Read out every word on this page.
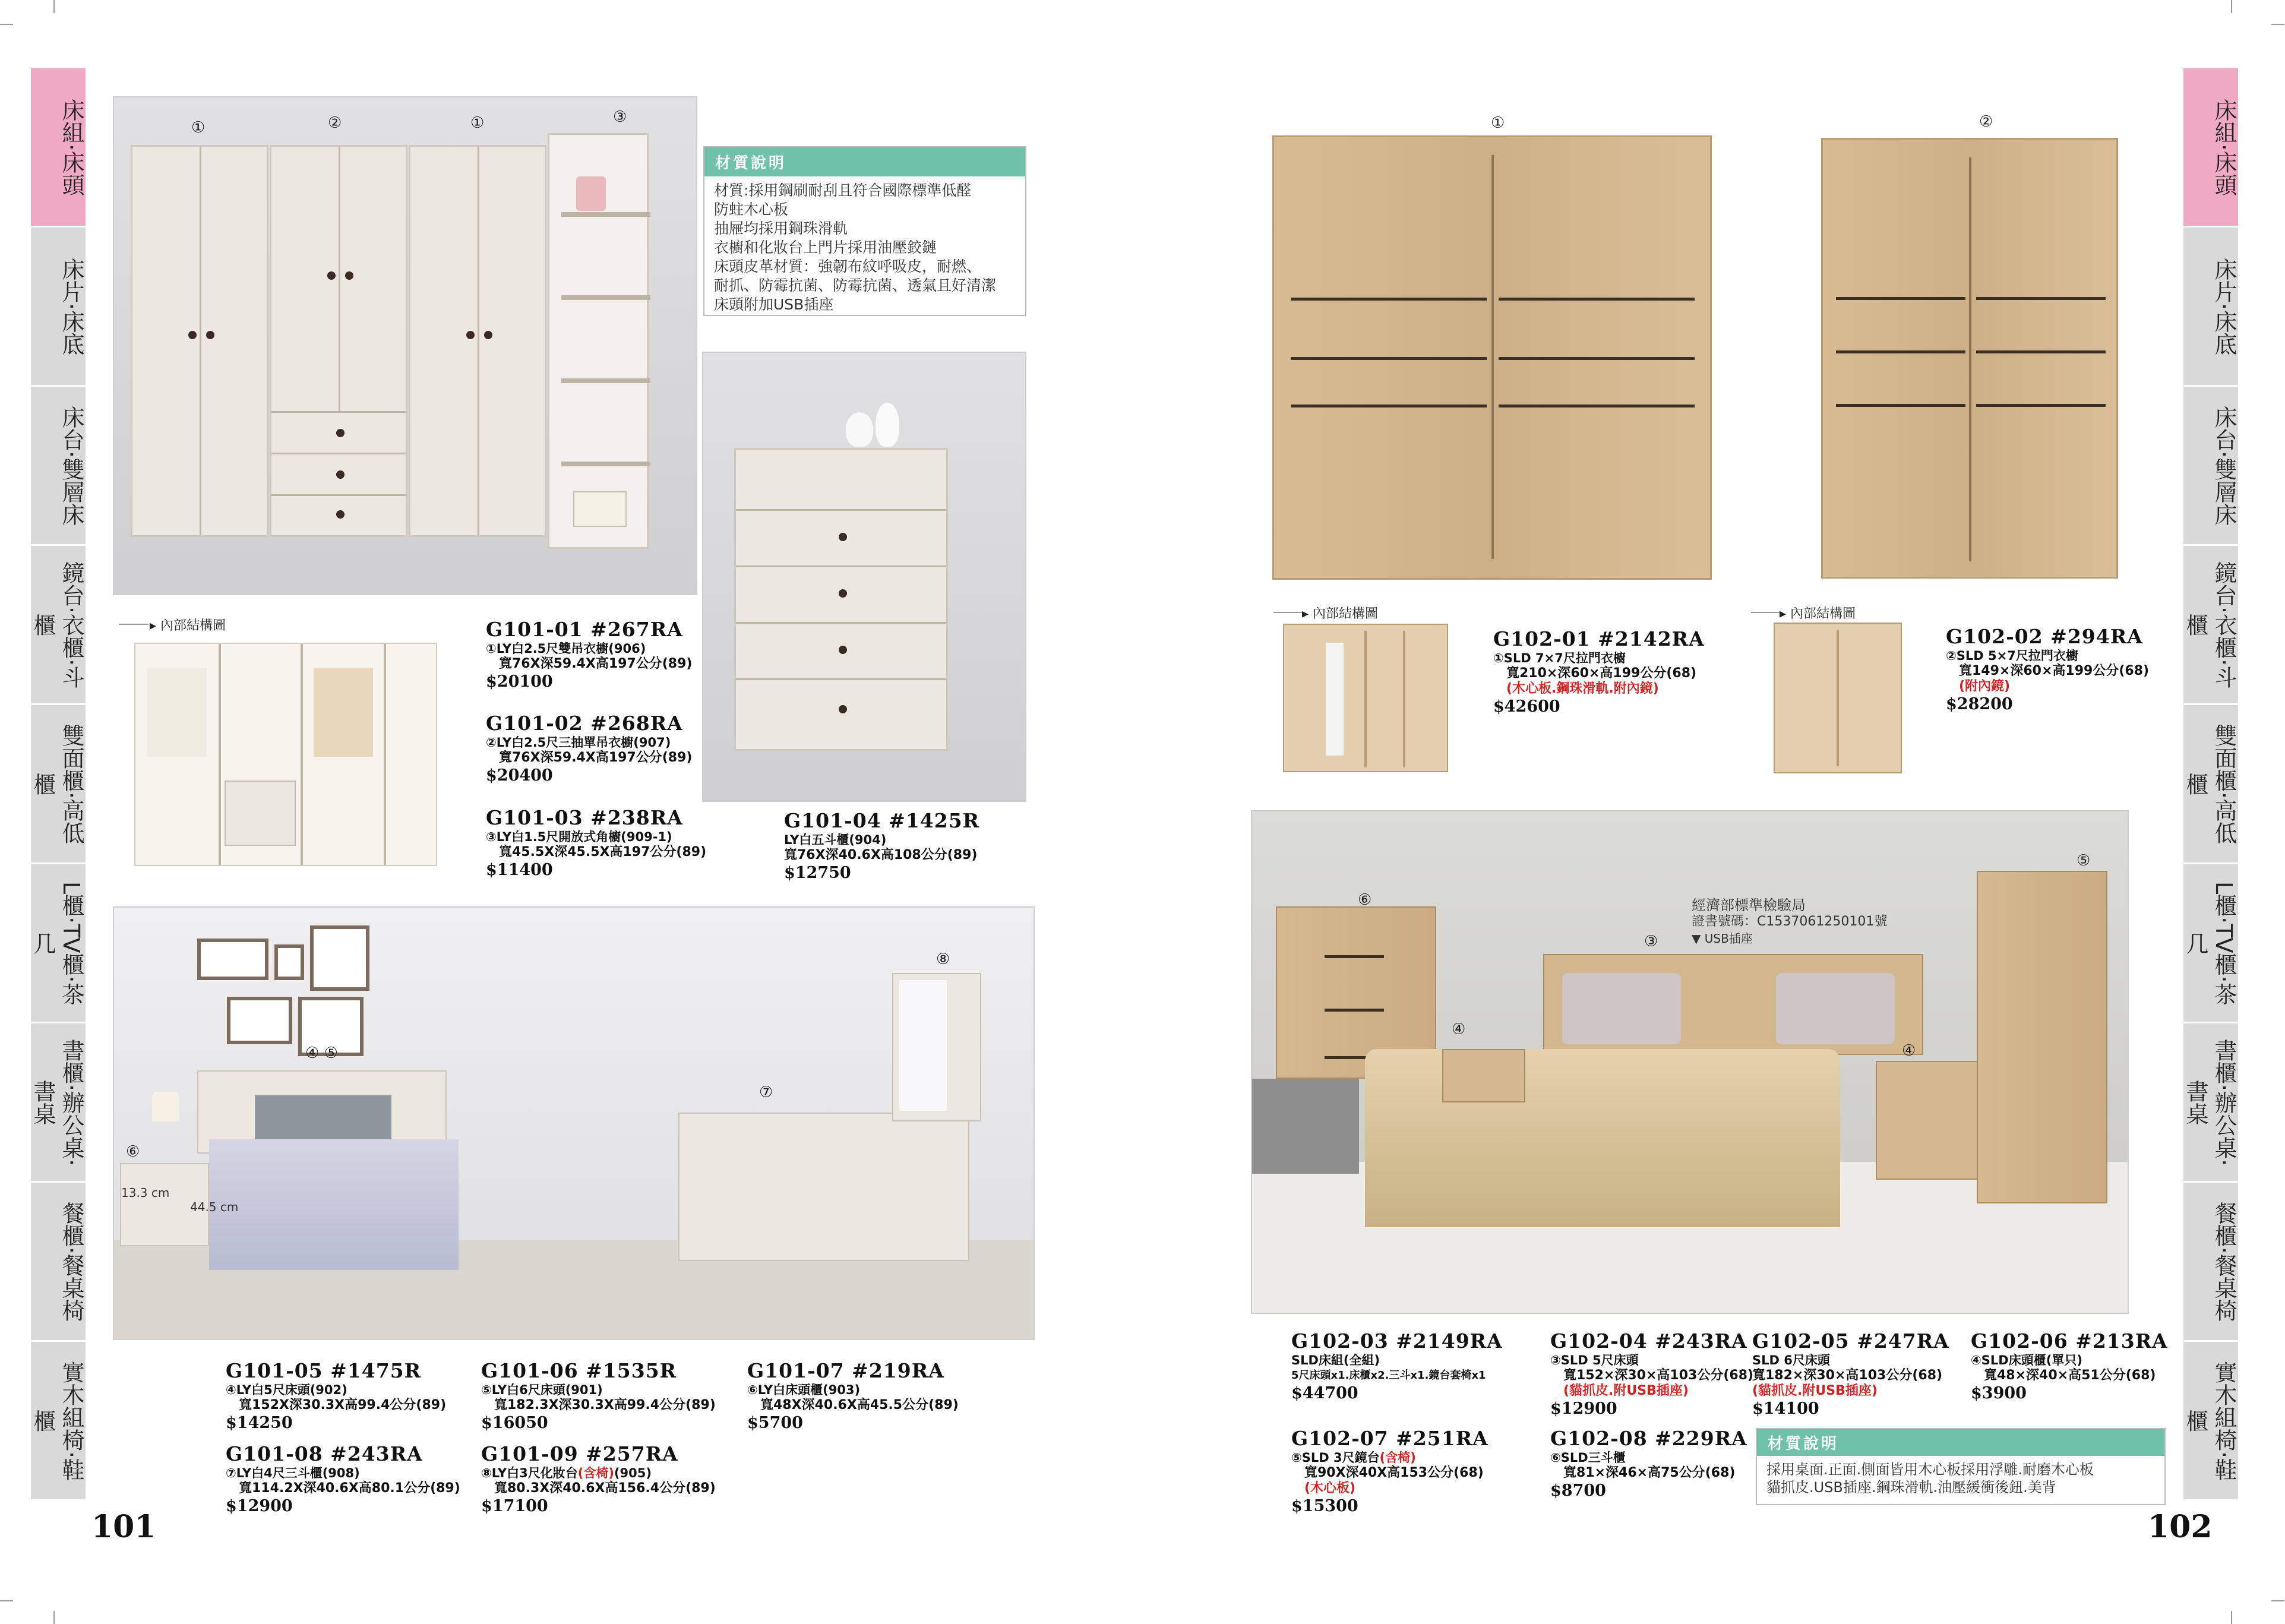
床組‧床頭
床片‧床底
床台‧雙層床
鏡台‧衣櫃‧斗櫃
雙面櫃‧高低櫃
L櫃‧TV櫃‧茶几
書櫃‧辦公桌‧書桌
餐櫃‧餐桌椅
實木組椅‧鞋櫃
①	②	①	③
材質說明
材質:採用鋼刷耐刮且符合國際標準低醛
防蛀木心板
抽屜均採用鋼珠滑軌
衣櫥和化妝台上門片採用油壓鉸鏈
床頭皮革材質：強韌布紋呼吸皮，耐燃、
耐抓、防霉抗菌、防霉抗菌、透氣且好清潔
床頭附加USB插座
▸ 內部結構圖	G101-01 #267RA
①LY白2.5尺雙吊衣櫥(906)
寬76X深59.4X高197公分(89)
$20100
G101-02 #268RA
②LY白2.5尺三抽單吊衣櫥(907)
寬76X深59.4X高197公分(89)
$20400
G101-03 #238RA
③LY白1.5尺開放式角櫥(909-1)
寬45.5X深45.5X高197公分(89)
$11400
G101-04 #1425R
LY白五斗櫃(904)
寬76X深40.6X高108公分(89)
$12750
④ ⑤
⑥
⑦
⑧
13.3 cm
44.5 cm
G101-05 #1475R
④LY白5尺床頭(902)
寬152X深30.3X高99.4公分(89)
$14250
G101-06 #1535R
⑤LY白6尺床頭(901)
寬182.3X深30.3X高99.4公分(89)
$16050
G101-07 #219RA
⑥LY白床頭櫃(903)
寬48X深40.6X高45.5公分(89)
$5700
G101-08 #243RA
⑦LY白4尺三斗櫃(908)
寬114.2X深40.6X高80.1公分(89)
$12900
G101-09 #257RA
⑧LY白3尺化妝台(含椅)(905)
寬80.3X深40.6X高156.4公分(89)
$17100
101
床組‧床頭
床片‧床底
床台‧雙層床
鏡台‧衣櫃‧斗櫃
雙面櫃‧高低櫃
L櫃‧TV櫃‧茶几
書櫃‧辦公桌‧書桌
餐櫃‧餐桌椅
實木組椅‧鞋櫃
①	②
▸ 內部結構圖	▸ 內部結構圖
G102-01 #2142RA
①SLD 7×7尺拉門衣櫥
寬210×深60×高199公分(68)
(木心板.鋼珠滑軌.附內鏡)
$42600
G102-02 #294RA
②SLD 5×7尺拉門衣櫥
寬149×深60×高199公分(68)
(附內鏡)
$28200
⑥
④
④
⑤
③
經濟部標準檢驗局
證書號碼：C1537061250101號
▼ USB插座
G102-03 #2149RA
SLD床組(全組)
5尺床頭x1.床櫃x2.三斗x1.鏡台套椅x1
$44700
G102-04 #243RA
③SLD 5尺床頭
寬152×深30×高103公分(68)
(貓抓皮.附USB插座)
$12900
G102-05 #247RA
SLD 6尺床頭
寬182×深30×高103公分(68)
(貓抓皮.附USB插座)
$14100
G102-06 #213RA
④SLD床頭櫃(單只)
寬48×深40×高51公分(68)
$3900
G102-07 #251RA
⑤SLD 3尺鏡台(含椅)
寬90X深40X高153公分(68)
(木心板)
$15300
G102-08 #229RA
⑥SLD三斗櫃
寬81×深46×高75公分(68)
$8700
材質說明
採用桌面.正面.側面皆用木心板採用浮雕.耐磨木心板
貓抓皮.USB插座.鋼珠滑軌.油壓緩衝後鈕.美背
102
